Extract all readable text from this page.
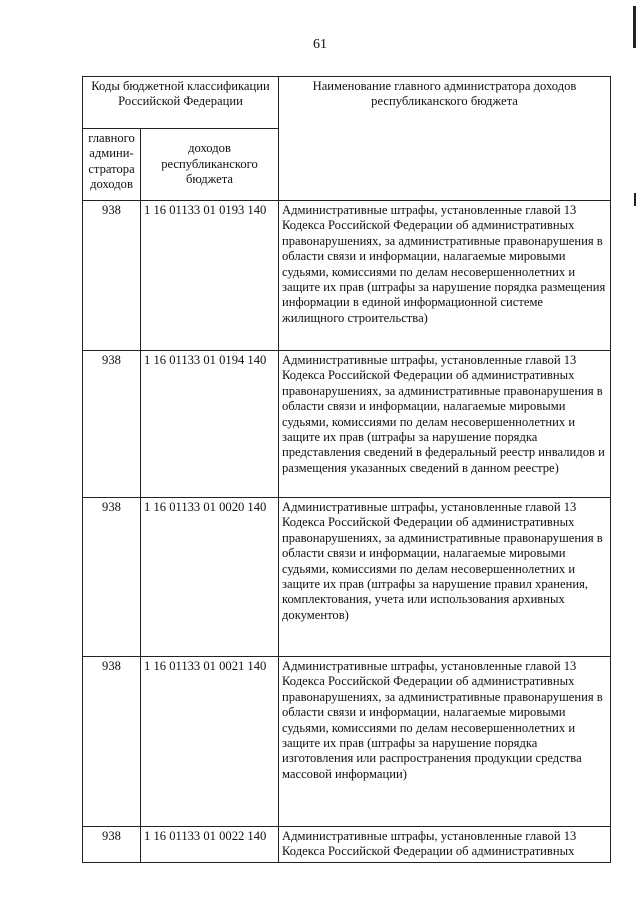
61
Коды бюджетной классификации Российской Федерации		Наименование главного администратора доходов республиканского бюджета
главного админи-стратора доходов	доходов республиканского бюджета	
938	1 16 01133 01 0193 140	Административные штрафы, установленные главой 13 Кодекса Российской Федерации об административных правонарушениях, за административные правонарушения в области связи и информации, налагаемые мировыми судьями, комиссиями по делам несовершеннолетних и защите их прав (штрафы за нарушение порядка размещения информации в единой информационной системе жилищного строительства)
938	1 16 01133 01 0194 140	Административные штрафы, установленные главой 13 Кодекса Российской Федерации об административных правонарушениях, за административные правонарушения в области связи и информации, налагаемые мировыми судьями, комиссиями по делам несовершеннолетних и защите их прав (штрафы за нарушение порядка представления сведений в федеральный реестр инвалидов и размещения указанных сведений в данном реестре)
938	1 16 01133 01 0020 140	Административные штрафы, установленные главой 13 Кодекса Российской Федерации об административных правонарушениях, за административные правонарушения в области связи и информации, налагаемые мировыми судьями, комиссиями по делам несовершеннолетних и защите их прав (штрафы за нарушение правил хранения, комплектования, учета или использования архивных документов)
938	1 16 01133 01 0021 140	Административные штрафы, установленные главой 13 Кодекса Российской Федерации об административных правонарушениях, за административные правонарушения в области связи и информации, налагаемые мировыми судьями, комиссиями по делам несовершеннолетних и защите их прав (штрафы за нарушение порядка изготовления или распространения продукции средства массовой информации)
938	1 16 01133 01 0022 140	Административные штрафы, установленные главой 13 Кодекса Российской Федерации об административных
